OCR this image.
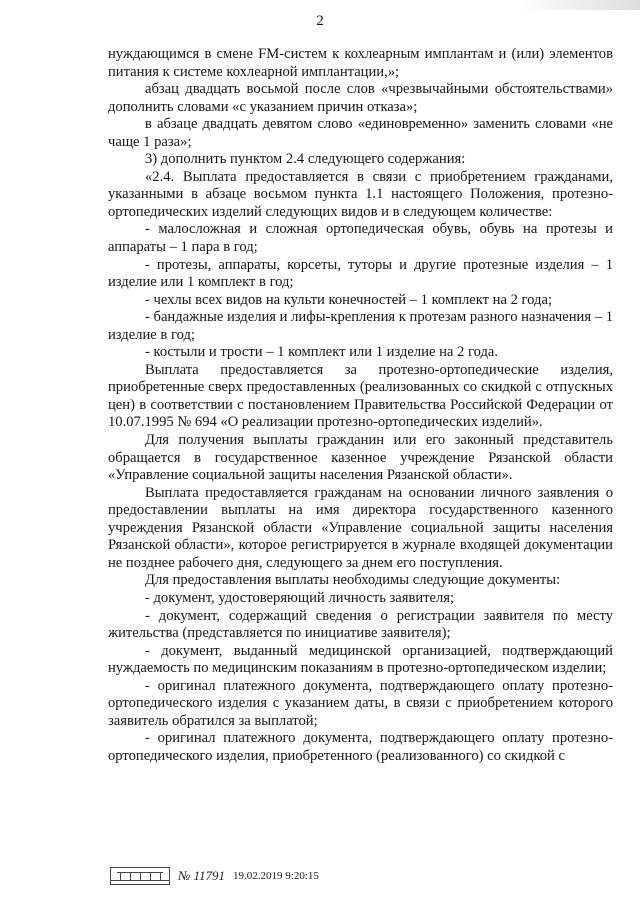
2

нуждающимся в смене FM-систем к кохлеарным имплантам и (или) элементов питания к системе кохлеарной имплантации,»;

абзац двадцать восьмой после слов «чрезвычайными обстоятельствами» дополнить словами «с указанием причин отказа»;

в абзаце двадцать девятом слово «единовременно» заменить словами «не чаще 1 раза»;

3) дополнить пунктом 2.4 следующего содержания:

«2.4. Выплата предоставляется в связи с приобретением гражданами, указанными в абзаце восьмом пункта 1.1 настоящего Положения, протезно-ортопедических изделий следующих видов и в следующем количестве:

- малосложная и сложная ортопедическая обувь, обувь на протезы и аппараты – 1 пара в год;

- протезы, аппараты, корсеты, туторы и другие протезные изделия – 1 изделие или 1 комплект в год;

- чехлы всех видов на культи конечностей – 1 комплект на 2 года;

- бандажные изделия и лифы-крепления к протезам разного назначения – 1 изделие в год;

- костыли и трости – 1 комплект или 1 изделие на 2 года.

Выплата предоставляется за протезно-ортопедические изделия, приобретенные сверх предоставленных (реализованных со скидкой с отпускных цен) в соответствии с постановлением Правительства Российской Федерации от 10.07.1995 № 694 «О реализации протезно-ортопедических изделий».

Для получения выплаты гражданин или его законный представитель обращается в государственное казенное учреждение Рязанской области «Управление социальной защиты населения Рязанской области».

Выплата предоставляется гражданам на основании личного заявления о предоставлении выплаты на имя директора государственного казенного учреждения Рязанской области «Управление социальной защиты населения Рязанской области», которое регистрируется в журнале входящей документации не позднее рабочего дня, следующего за днем его поступления.

Для предоставления выплаты необходимы следующие документы:

- документ, удостоверяющий личность заявителя;

- документ, содержащий сведения о регистрации заявителя по месту жительства (представляется по инициативе заявителя);

- документ, выданный медицинской организацией, подтверждающий нуждаемость по медицинским показаниям в протезно-ортопедическом изделии;

- оригинал платежного документа, подтверждающего оплату протезно-ортопедического изделия с указанием даты, в связи с приобретением которого заявитель обратился за выплатой;

- оригинал платежного документа, подтверждающего оплату протезно-ортопедического изделия, приобретенного (реализованного) со скидкой с

№ 11791 19.02.2019 9:20:15
